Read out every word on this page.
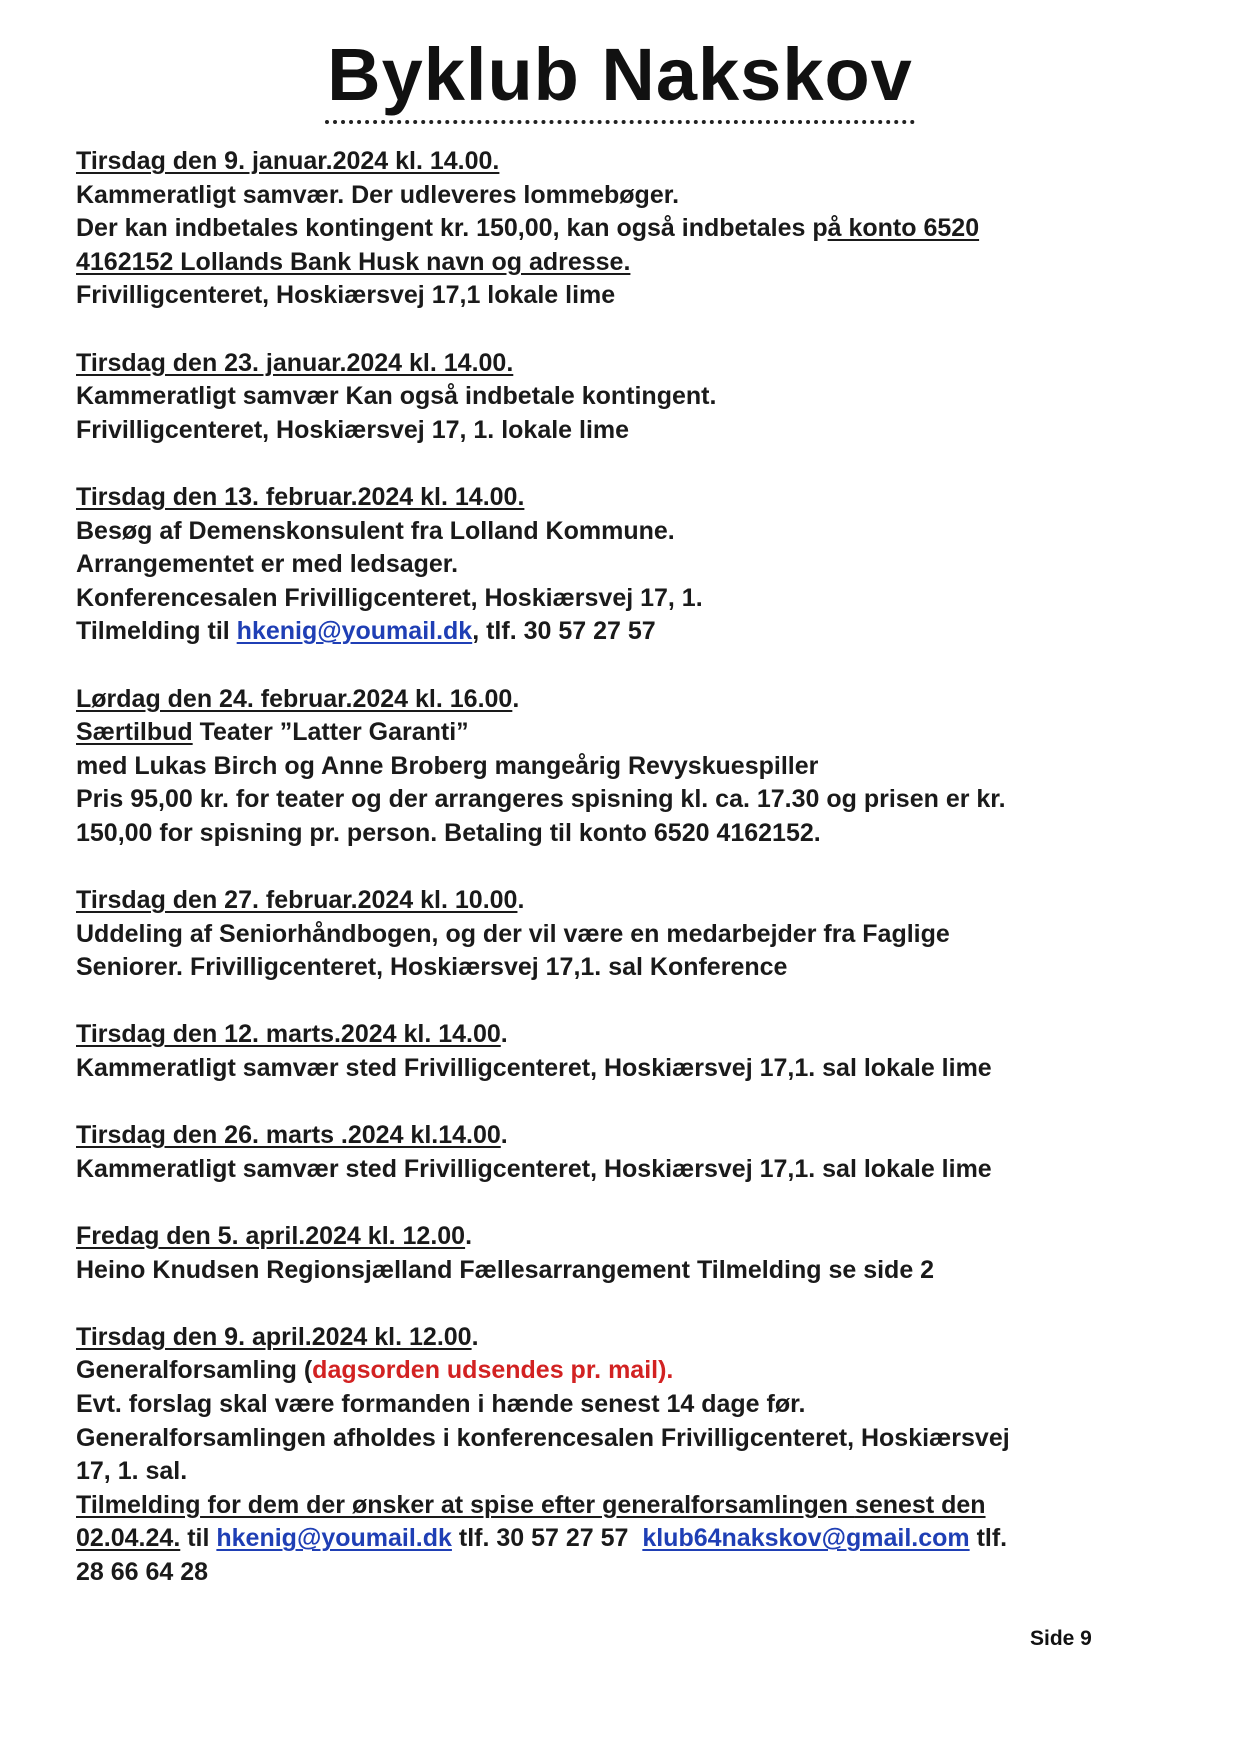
Byklub Nakskov
Tirsdag den 9. januar.2024 kl. 14.00.
Kammeratligt samvær. Der udleveres lommebøger.
Der kan indbetales kontingent kr. 150,00, kan også indbetales på konto 6520
4162152 Lollands Bank Husk navn og adresse.
Frivilligcenteret, Hoskiærsvej 17,1 lokale lime
Tirsdag den 23. januar.2024 kl. 14.00.
Kammeratligt samvær Kan også indbetale kontingent.
Frivilligcenteret, Hoskiærsvej 17, 1. lokale lime
Tirsdag den 13. februar.2024 kl. 14.00.
Besøg af Demenskonsulent fra Lolland Kommune.
Arrangementet er med ledsager.
Konferencesalen Frivilligcenteret, Hoskiærsvej 17, 1.
Tilmelding til hkenig@youmail.dk, tlf. 30 57 27 57
Lørdag den 24. februar.2024 kl. 16.00.
Særtilbud Teater ”Latter Garanti”
med Lukas Birch og Anne Broberg mangeårig Revyskuespiller
Pris 95,00 kr. for teater og der arrangeres spisning kl. ca. 17.30 og prisen er kr.
150,00 for spisning pr. person. Betaling til konto 6520 4162152.
Tirsdag den 27. februar.2024 kl. 10.00.
Uddeling af Seniorhåndbogen, og der vil være en medarbejder fra Faglige
Seniorer. Frivilligcenteret, Hoskiærsvej 17,1. sal Konference
Tirsdag den 12. marts.2024 kl. 14.00.
Kammeratligt samvær sted Frivilligcenteret, Hoskiærsvej 17,1. sal lokale lime
Tirsdag den 26. marts .2024 kl.14.00.
Kammeratligt samvær sted Frivilligcenteret, Hoskiærsvej 17,1. sal lokale lime
Fredag den 5. april.2024 kl. 12.00.
Heino Knudsen Regionsjælland Fællesarrangement Tilmelding se side 2
Tirsdag den 9. april.2024 kl. 12.00.
Generalforsamling (dagsorden udsendes pr. mail).
Evt. forslag skal være formanden i hænde senest 14 dage før.
Generalforsamlingen afholdes i konferencesalen Frivilligcenteret, Hoskiærsvej
17, 1. sal.
Tilmelding for dem der ønsker at spise efter generalforsamlingen senest den
02.04.24. til hkenig@youmail.dk tlf. 30 57 27 57  klub64nakskov@gmail.com tlf.
28 66 64 28
Side 9
